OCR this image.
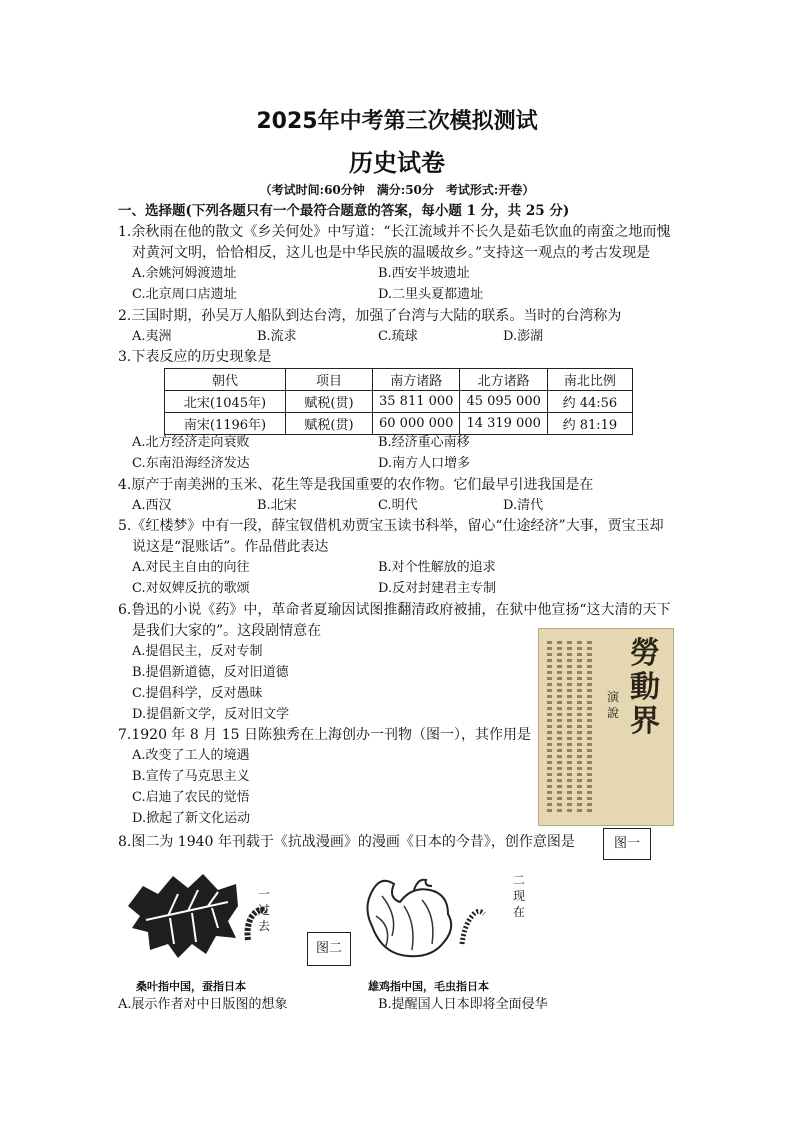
2025年中考第三次模拟测试
历史试卷
（考试时间:60分钟　满分:50分　考试形式:开卷）
一、选择题(下列各题只有一个最符合题意的答案，每小题 1 分，共 25 分)
1.余秋雨在他的散文《乡关何处》中写道：“长江流域并不长久是茹毛饮血的南蛮之地而愧
对黄河文明，恰恰相反，这儿也是中华民族的温暖故乡。”支持这一观点的考古发现是
A.余姚河姆渡遗址	B.西安半坡遗址
C.北京周口店遗址	D.二里头夏都遗址
2.三国时期，孙吴万人船队到达台湾，加强了台湾与大陆的联系。当时的台湾称为
A.夷洲	B.流求	C.琉球	D.澎湖
3.下表反应的历史现象是
朝代	项目	南方诸路	北方诸路	南北比例
北宋(1045年)	赋税(贯)	35 811 000	45 095 000	约 44:56
南宋(1196年)	赋税(贯)	60 000 000	14 319 000	约 81:19
A.北方经济走向衰败	B.经济重心南移
C.东南沿海经济发达	D.南方人口增多
4.原产于南美洲的玉米、花生等是我国重要的农作物。它们最早引进我国是在
A.西汉	B.北宋	C.明代	D.清代
5.《红楼梦》中有一段，薛宝钗借机劝贾宝玉读书科举，留心“仕途经济”大事，贾宝玉却
说这是“混账话”。作品借此表达
A.对民主自由的向往	B.对个性解放的追求
C.对奴婢反抗的歌颂	D.反对封建君主专制
6.鲁迅的小说《药》中，革命者夏瑜因试图推翻清政府被捕，在狱中他宣扬“这大清的天下
是我们大家的”。这段剧情意在
A.提倡民主，反对专制
B.提倡新道德，反对旧道德
C.提倡科学，反对愚昧
D.提倡新文学，反对旧文学
7.1920 年 8 月 15 日陈独秀在上海创办一刊物（图一），其作用是
A.改变了工人的境遇
B.宣传了马克思主义
C.启迪了农民的觉悟
D.掀起了新文化运动
演說
勞動界
图一
8.图二为 1940 年刊载于《抗战漫画》的漫画《日本的今昔》，创作意图是
一过去
二现在
图二
桑叶指中国，蚕指日本	雄鸡指中国，毛虫指日本
A.展示作者对中日版图的想象	B.提醒国人日本即将全面侵华
